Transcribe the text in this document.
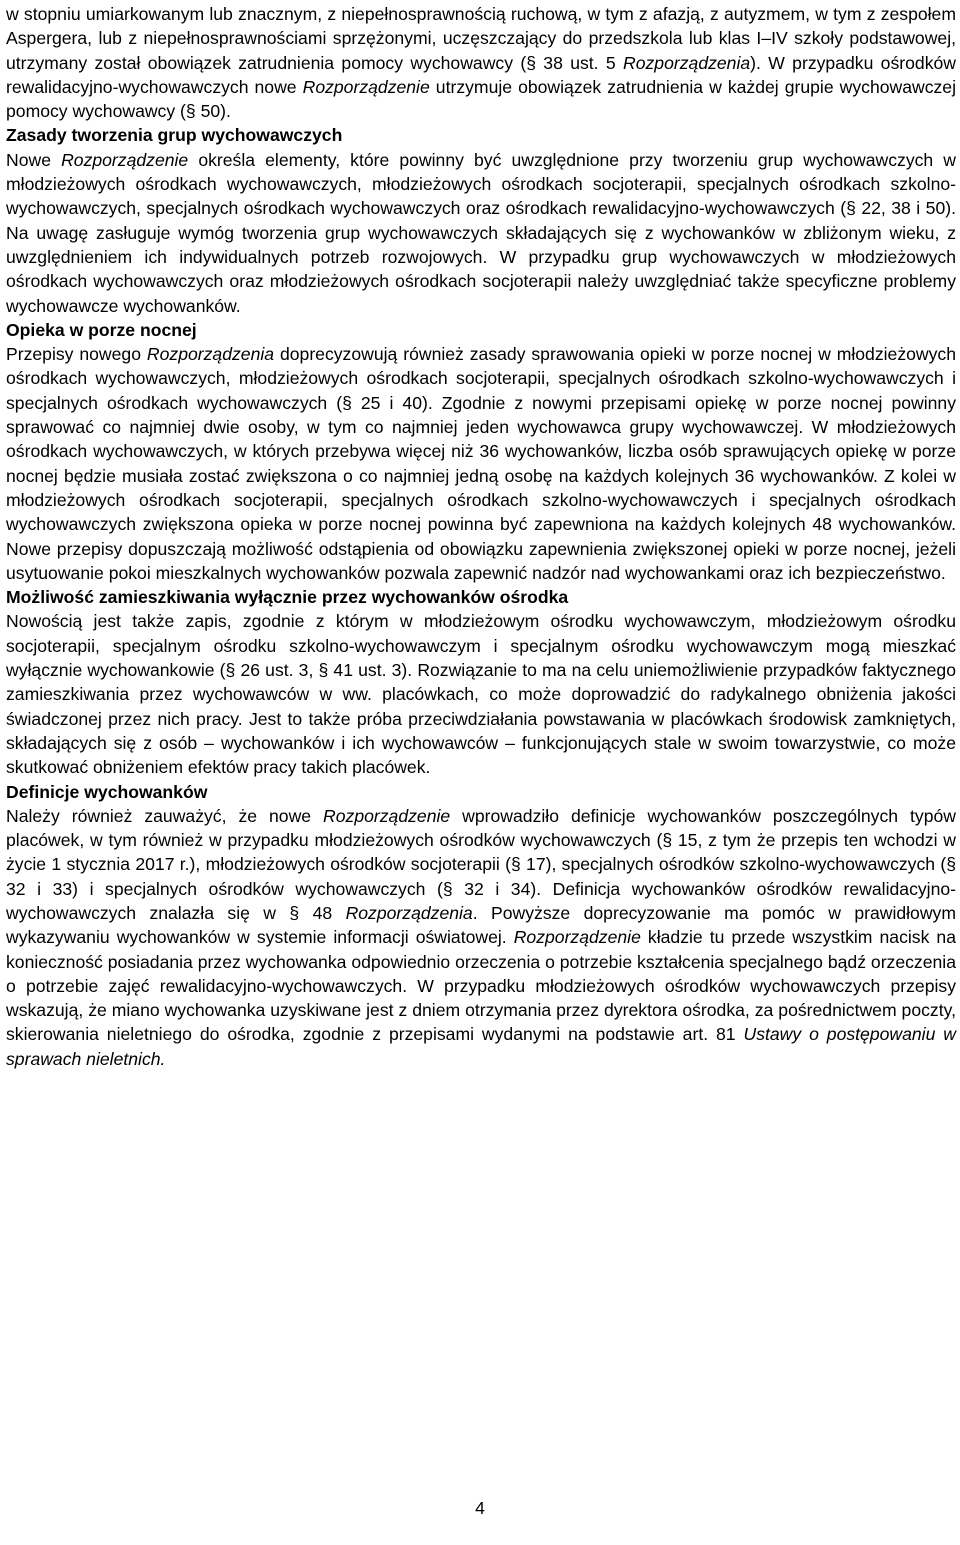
w stopniu umiarkowanym lub znacznym, z niepełnosprawnością ruchową, w tym z afazją, z autyzmem, w tym z zespołem Aspergera, lub z niepełnosprawnościami sprzężonymi, uczęszczający do przedszkola lub klas I–IV szkoły podstawowej, utrzymany został obowiązek zatrudnienia pomocy wychowawcy (§ 38 ust. 5 Rozporządzenia). W przypadku ośrodków rewalidacyjno-wychowawczych nowe Rozporządzenie utrzymuje obowiązek zatrudnienia w każdej grupie wychowawczej pomocy wychowawcy (§ 50).

Zasady tworzenia grup wychowawczych

Nowe Rozporządzenie określa elementy, które powinny być uwzględnione przy tworzeniu grup wychowawczych w młodzieżowych ośrodkach wychowawczych, młodzieżowych ośrodkach socjoterapii, specjalnych ośrodkach szkolno-wychowawczych, specjalnych ośrodkach wychowawczych oraz ośrodkach rewalidacyjno-wychowawczych (§ 22, 38 i 50). Na uwagę zasługuje wymóg tworzenia grup wychowawczych składających się z wychowanków w zbliżonym wieku, z uwzględnieniem ich indywidualnych potrzeb rozwojowych. W przypadku grup wychowawczych w młodzieżowych ośrodkach wychowawczych oraz młodzieżowych ośrodkach socjoterapii należy uwzględniać także specyficzne problemy wychowawcze wychowanków.

Opieka w porze nocnej

Przepisy nowego Rozporządzenia doprecyzowują również zasady sprawowania opieki w porze nocnej w młodzieżowych ośrodkach wychowawczych, młodzieżowych ośrodkach socjoterapii, specjalnych ośrodkach szkolno-wychowawczych i specjalnych ośrodkach wychowawczych (§ 25 i 40). Zgodnie z nowymi przepisami opiekę w porze nocnej powinny sprawować co najmniej dwie osoby, w tym co najmniej jeden wychowawca grupy wychowawczej. W młodzieżowych ośrodkach wychowawczych, w których przebywa więcej niż 36 wychowanków, liczba osób sprawujących opiekę w porze nocnej będzie musiała zostać zwiększona o co najmniej jedną osobę na każdych kolejnych 36 wychowanków. Z kolei w młodzieżowych ośrodkach socjoterapii, specjalnych ośrodkach szkolno-wychowawczych i specjalnych ośrodkach wychowawczych zwiększona opieka w porze nocnej powinna być zapewniona na każdych kolejnych 48 wychowanków. Nowe przepisy dopuszczają możliwość odstąpienia od obowiązku zapewnienia zwiększonej opieki w porze nocnej, jeżeli usytuowanie pokoi mieszkalnych wychowanków pozwala zapewnić nadzór nad wychowankami oraz ich bezpieczeństwo.

Możliwość zamieszkiwania wyłącznie przez wychowanków ośrodka

Nowością jest także zapis, zgodnie z którym w młodzieżowym ośrodku wychowawczym, młodzieżowym ośrodku socjoterapii, specjalnym ośrodku szkolno-wychowawczym i specjalnym ośrodku wychowawczym mogą mieszkać wyłącznie wychowankowie (§ 26 ust. 3, § 41 ust. 3). Rozwiązanie to ma na celu uniemożliwienie przypadków faktycznego zamieszkiwania przez wychowawców w ww. placówkach, co może doprowadzić do radykalnego obniżenia jakości świadczonej przez nich pracy. Jest to także próba przeciwdziałania powstawania w placówkach środowisk zamkniętych, składających się z osób – wychowanków i ich wychowawców – funkcjonujących stale w swoim towarzystwie, co może skutkować obniżeniem efektów pracy takich placówek.

Definicje wychowanków

Należy również zauważyć, że nowe Rozporządzenie wprowadziło definicje wychowanków poszczególnych typów placówek, w tym również w przypadku młodzieżowych ośrodków wychowawczych (§ 15, z tym że przepis ten wchodzi w życie 1 stycznia 2017 r.), młodzieżowych ośrodków socjoterapii (§ 17), specjalnych ośrodków szkolno-wychowawczych (§ 32 i 33) i specjalnych ośrodków wychowawczych (§ 32 i 34). Definicja wychowanków ośrodków rewalidacyjno-wychowawczych znalazła się w § 48 Rozporządzenia. Powyższe doprecyzowanie ma pomóc w prawidłowym wykazywaniu wychowanków w systemie informacji oświatowej. Rozporządzenie kładzie tu przede wszystkim nacisk na konieczność posiadania przez wychowanka odpowiednio orzeczenia o potrzebie kształcenia specjalnego bądź orzeczenia o potrzebie zajęć rewalidacyjno-wychowawczych. W przypadku młodzieżowych ośrodków wychowawczych przepisy wskazują, że miano wychowanka uzyskiwane jest z dniem otrzymania przez dyrektora ośrodka, za pośrednictwem poczty, skierowania nieletniego do ośrodka, zgodnie z przepisami wydanymi na podstawie art. 81 Ustawy o postępowaniu w sprawach nieletnich.

4
